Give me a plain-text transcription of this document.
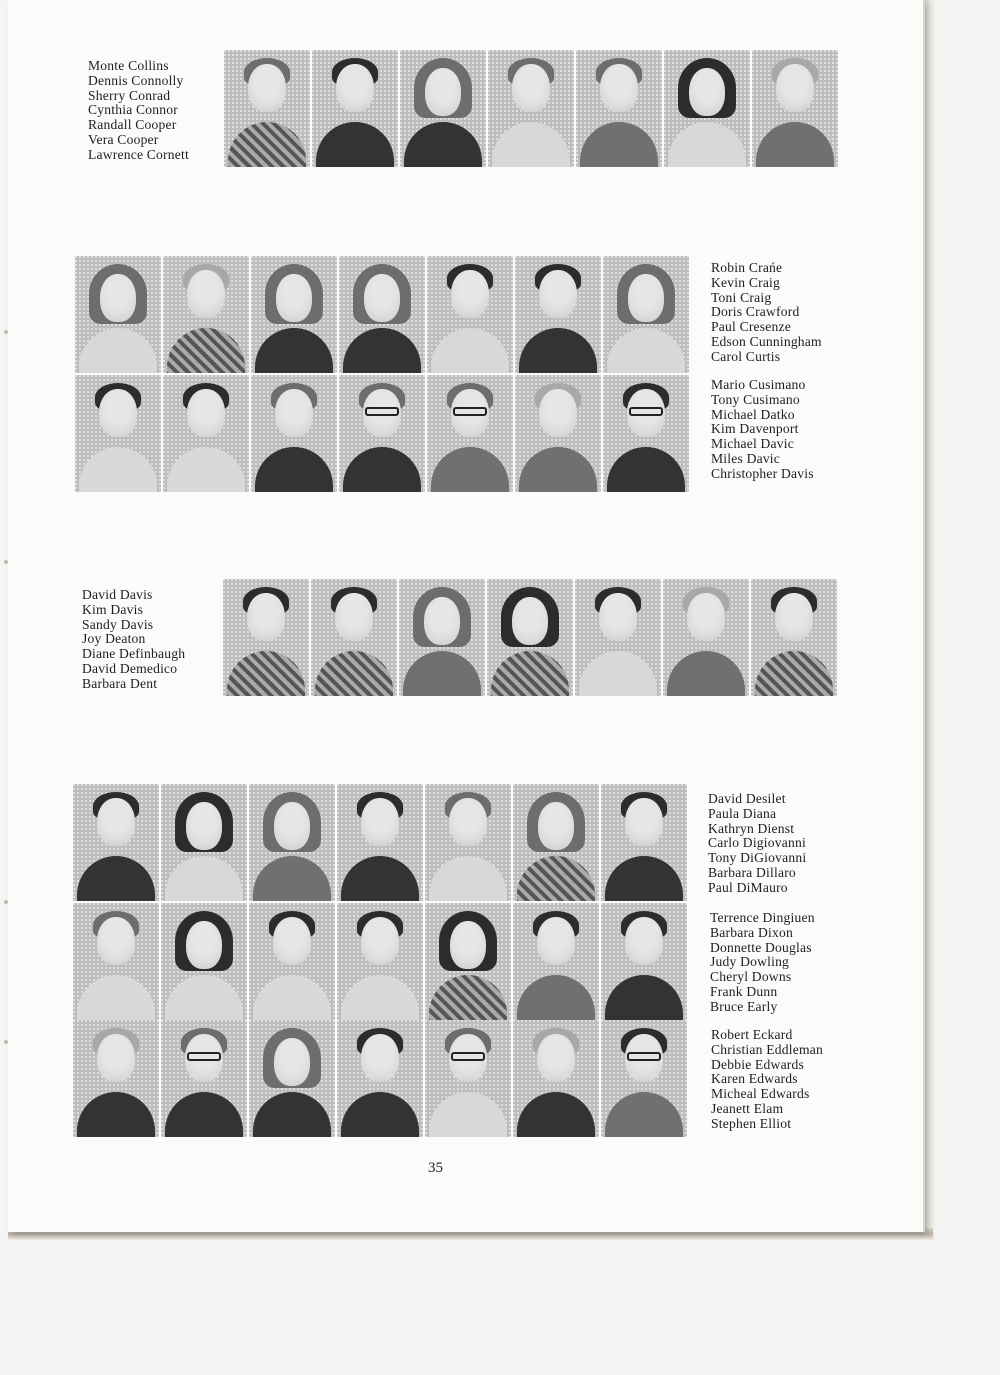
Monte Collins
Dennis Connolly
Sherry Conrad
Cynthia Connor
Randall Cooper
Vera Cooper
Lawrence Cornett
Robin Crańe
Kevin Craig
Toni Craig
Doris Crawford
Paul Cresenze
Edson Cunningham
Carol Curtis
Mario Cusimano
Tony Cusimano
Michael Datko
Kim Davenport
Michael Davic
Miles Davic
Christopher Davis
David Davis
Kim Davis
Sandy Davis
Joy Deaton
Diane Definbaugh
David Demedico
Barbara Dent
David Desilet
Paula Diana
Kathryn Dienst
Carlo Digiovanni
Tony DiGiovanni
Barbara Dillaro
Paul DiMauro
Terrence Dingiuen
Barbara Dixon
Donnette Douglas
Judy Dowling
Cheryl Downs
Frank Dunn
Bruce Early
Robert Eckard
Christian Eddleman
Debbie Edwards
Karen Edwards
Micheal Edwards
Jeanett Elam
Stephen Elliot
35
